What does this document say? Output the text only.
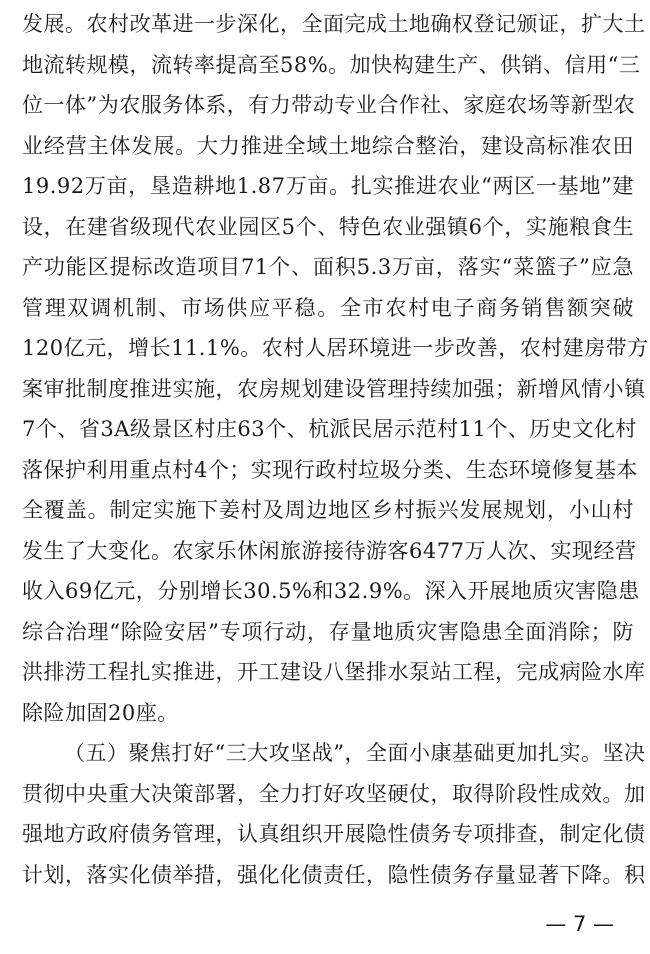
发展。农村改革进一步深化，全面完成土地确权登记颁证，扩大土
地流转规模，流转率提高至58%。加快构建生产、供销、信用“三
位一体”为农服务体系，有力带动专业合作社、家庭农场等新型农
业经营主体发展。大力推进全域土地综合整治，建设高标准农田
19.92万亩，垦造耕地1.87万亩。扎实推进农业“两区一基地”建
设，在建省级现代农业园区5个、特色农业强镇6个，实施粮食生
产功能区提标改造项目71个、面积5.3万亩，落实“菜篮子”应急
管理双调机制、市场供应平稳。全市农村电子商务销售额突破
120亿元，增长11.1%。农村人居环境进一步改善，农村建房带方
案审批制度推进实施，农房规划建设管理持续加强；新增风情小镇
7个、省3A级景区村庄63个、杭派民居示范村11个、历史文化村
落保护利用重点村4个；实现行政村垃圾分类、生态环境修复基本
全覆盖。制定实施下姜村及周边地区乡村振兴发展规划，小山村
发生了大变化。农家乐休闲旅游接待游客6477万人次、实现经营
收入69亿元，分别增长30.5%和32.9%。深入开展地质灾害隐患
综合治理“除险安居”专项行动，存量地质灾害隐患全面消除；防
洪排涝工程扎实推进，开工建设八堡排水泵站工程，完成病险水库
除险加固20座。
（五）聚焦打好“三大攻坚战”，全面小康基础更加扎实。坚决
贯彻中央重大决策部署，全力打好攻坚硬仗，取得阶段性成效。加
强地方政府债务管理，认真组织开展隐性债务专项排查，制定化债
计划，落实化债举措，强化化债责任，隐性债务存量显著下降。积
— 7 —
